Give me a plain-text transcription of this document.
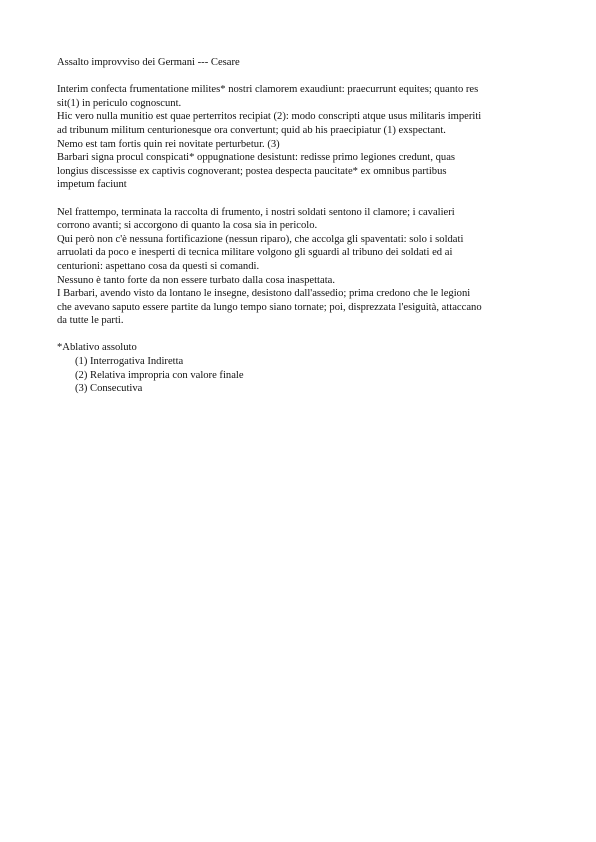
Assalto improvviso dei Germani --- Cesare
Interim confecta frumentatione milites* nostri clamorem exaudiunt: praecurrunt equites; quanto res
sit(1) in periculo cognoscunt.
Hic vero nulla munitio est quae perterritos recipiat (2): modo conscripti atque usus militaris imperiti
ad tribunum militum centurionesque ora convertunt; quid ab his praecipiatur (1) exspectant.
Nemo est tam fortis quin rei novitate perturbetur. (3)
Barbari signa procul conspicati* oppugnatione desistunt: redisse primo legiones credunt, quas
longius discessisse ex captivis cognoverant; postea despecta paucitate* ex omnibus partibus
impetum faciunt
Nel frattempo, terminata la raccolta di frumento, i nostri soldati sentono il clamore; i cavalieri
corrono avanti; si accorgono di quanto la cosa sia in pericolo.
Qui però non c'è nessuna fortificazione (nessun riparo), che accolga gli spaventati: solo i soldati
arruolati da poco e inesperti di tecnica militare volgono gli sguardi al tribuno dei soldati ed ai
centurioni: aspettano cosa da questi si comandi.
Nessuno è tanto forte da non essere turbato dalla cosa inaspettata.
I Barbari, avendo visto da lontano le insegne, desistono dall'assedio; prima credono che le legioni
che avevano saputo essere partite da lungo tempo siano tornate; poi, disprezzata l'esiguità, attaccano
da tutte le parti.
*Ablativo assoluto
(1) Interrogativa Indiretta
(2) Relativa impropria con valore finale
(3) Consecutiva
